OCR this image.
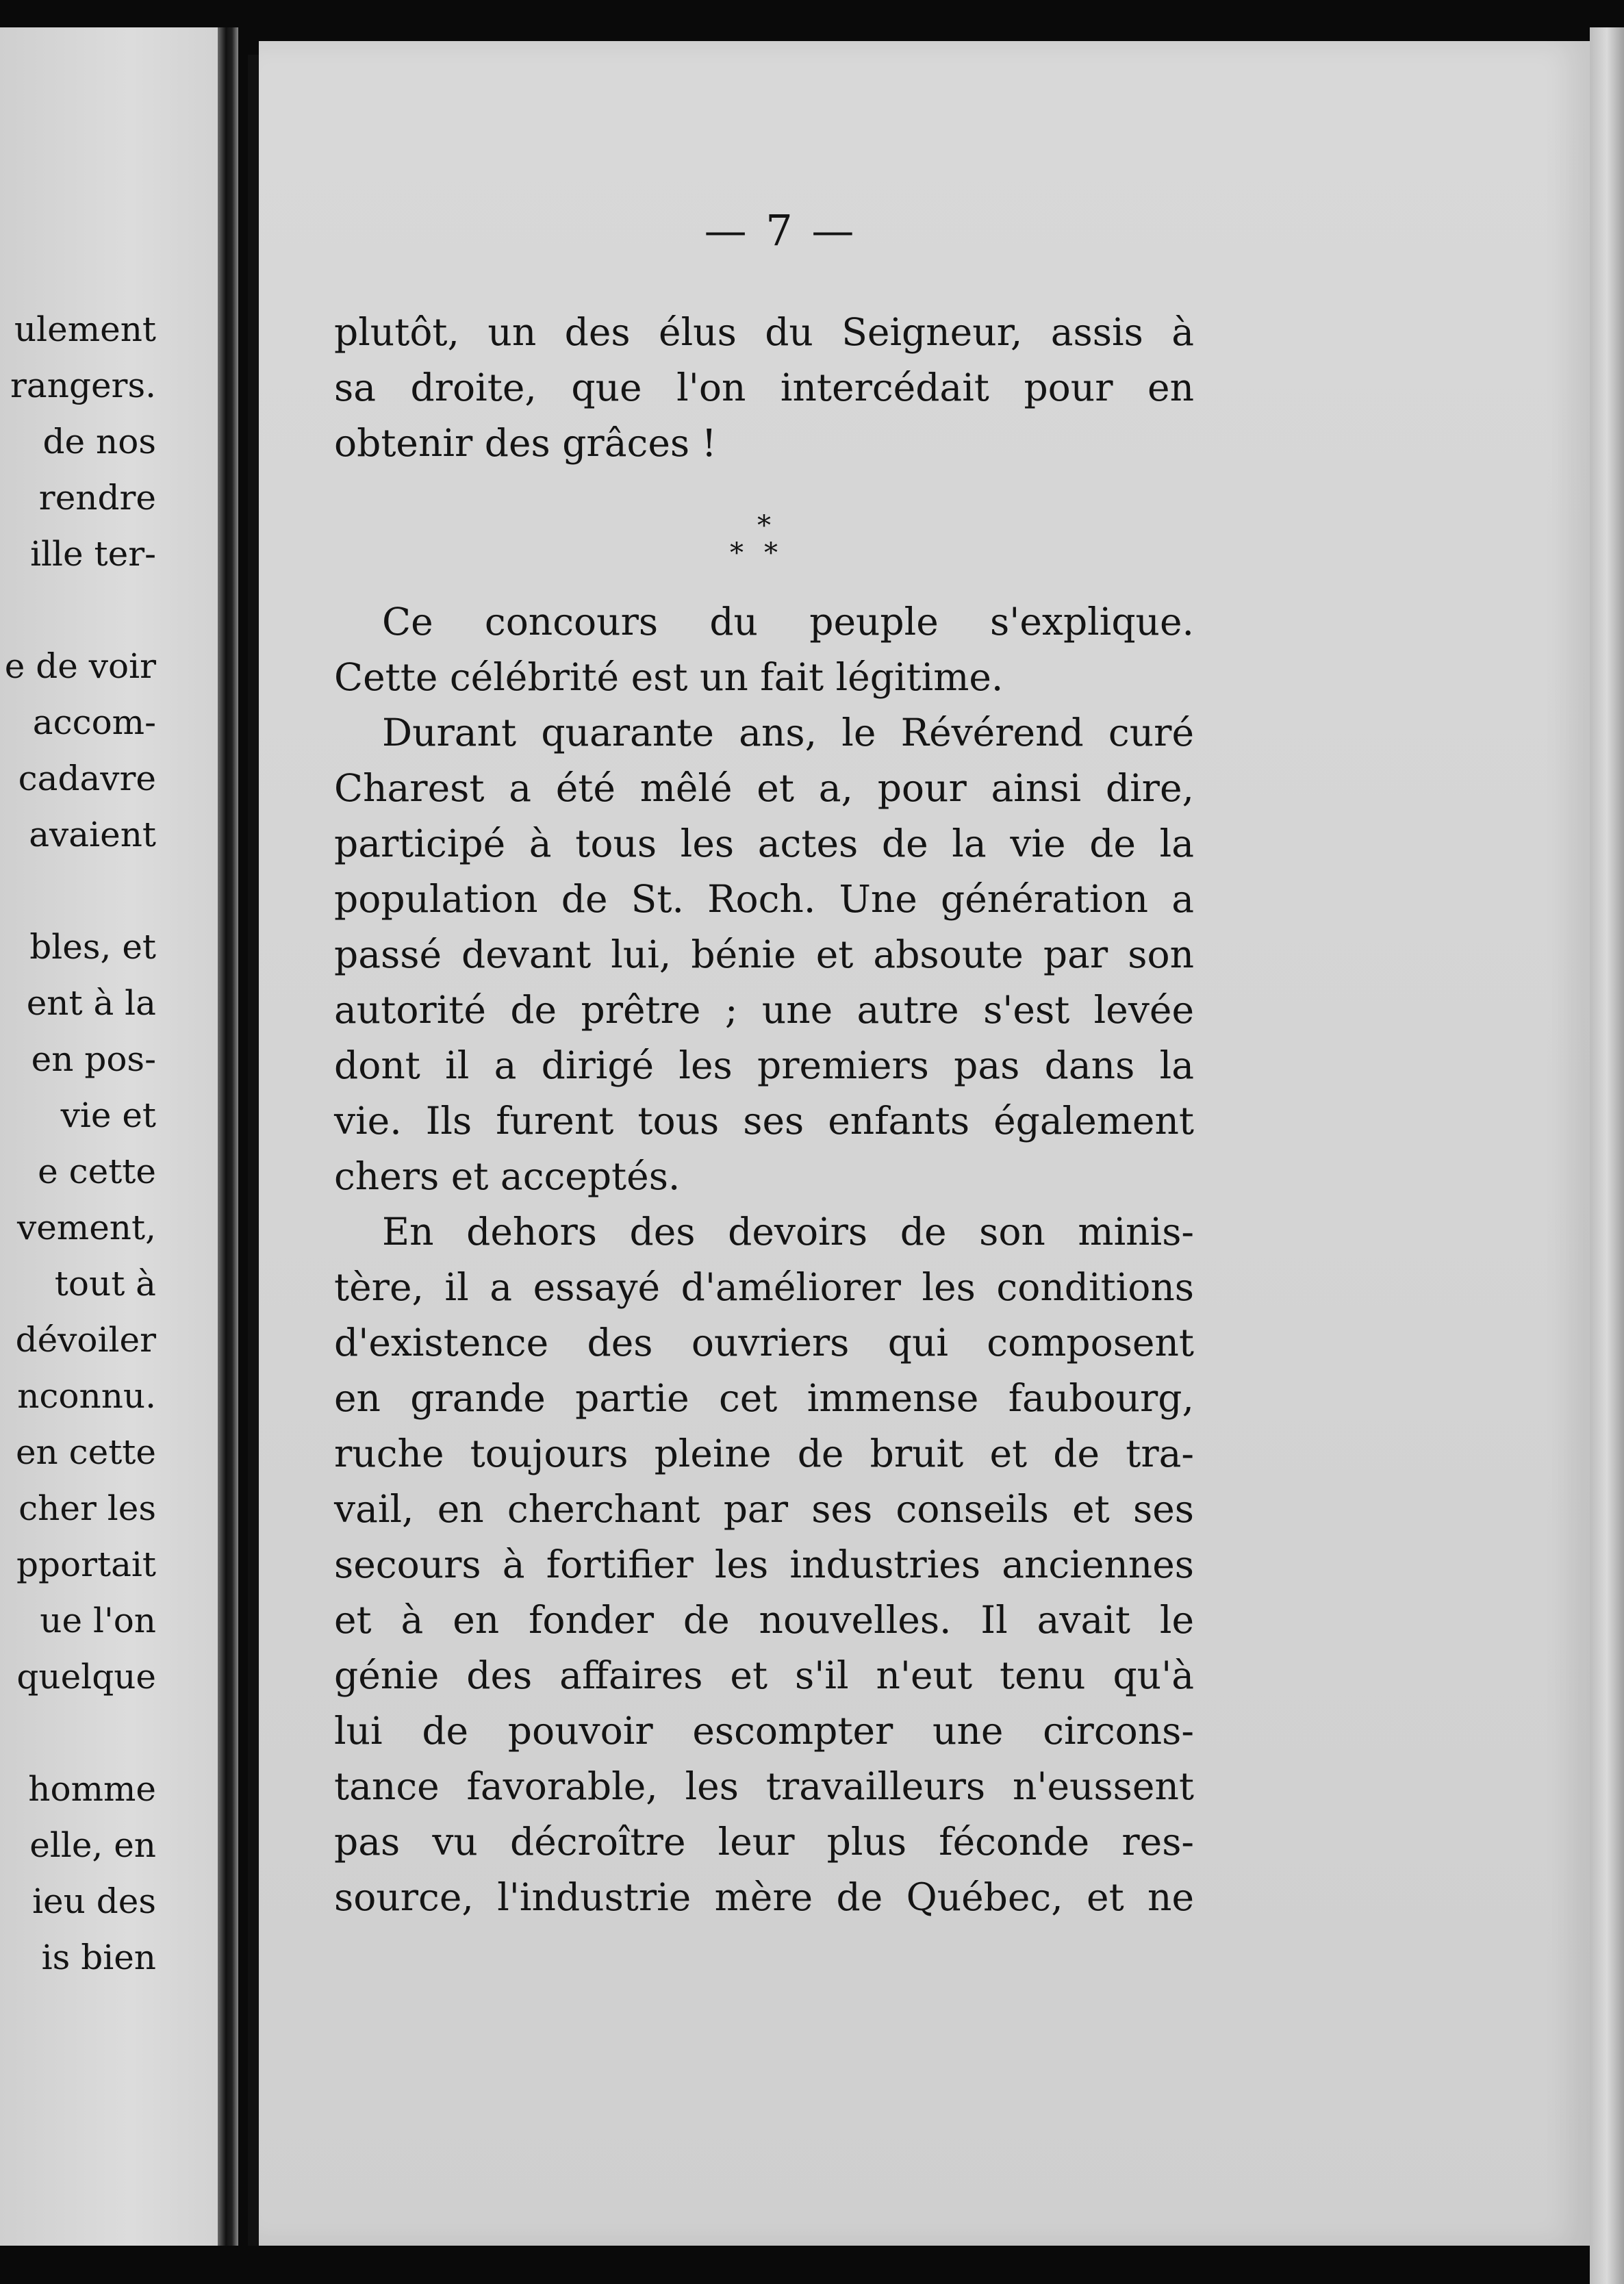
ulement
rangers.
de nos
rendre
ille ter-
e de voir
accom-
cadavre
avaient
bles, et
ent à la
en pos-
vie et
e cette
vement,
tout à
dévoiler
nconnu.
en cette
cher les
pportait
ue l'on
quelque
homme
elle, en
ieu des
is bien
— 7 —
plutôt, un des élus du Seigneur, assis à
sa droite, que l'on intercédait pour en
obtenir des grâces !
*
**
Ce concours du peuple s'explique.
Cette célébrité est un fait légitime.
Durant quarante ans, le Révérend curé
Charest a été mêlé et a, pour ainsi dire,
participé à tous les actes de la vie de la
population de St. Roch. Une génération a
passé devant lui, bénie et absoute par son
autorité de prêtre ; une autre s'est levée
dont il a dirigé les premiers pas dans la
vie. Ils furent tous ses enfants également
chers et acceptés.
En dehors des devoirs de son minis-
tère, il a essayé d'améliorer les conditions
d'existence des ouvriers qui composent
en grande partie cet immense faubourg,
ruche toujours pleine de bruit et de tra-
vail, en cherchant par ses conseils et ses
secours à fortifier les industries anciennes
et à en fonder de nouvelles. Il avait le
génie des affaires et s'il n'eut tenu qu'à
lui de pouvoir escompter une circons-
tance favorable, les travailleurs n'eussent
pas vu décroître leur plus féconde res-
source, l'industrie mère de Québec, et ne
